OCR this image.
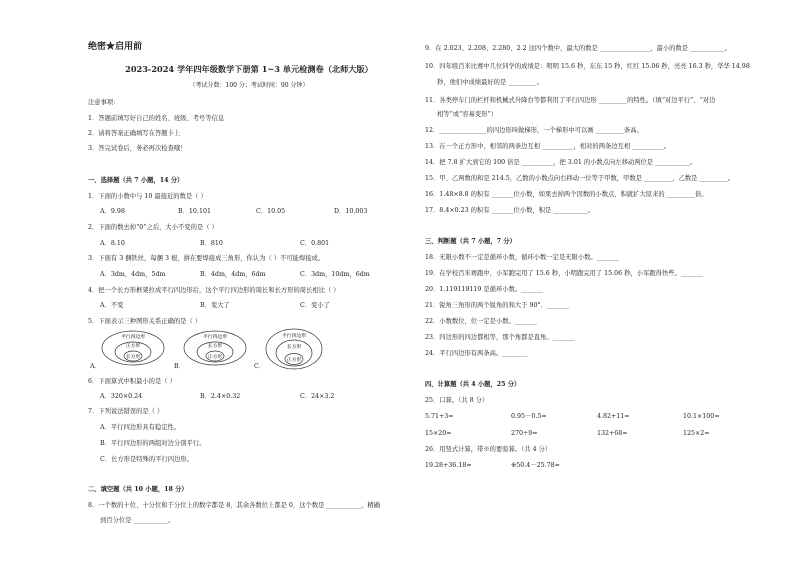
绝密★启用前
2023-2024 学年四年级数学下册第 1~3 单元检测卷（北师大版）
（考试分数：100 分；考试时间：90 分钟）
注意事项：
1．答题前填写好自己的姓名、班级、考号等信息
2．请将答案正确填写在答题卡上
3．答完试卷后，务必再次检查哦！
一、选择题（共 7 小题，14 分）
1．下面的小数中与 10 最接近的数是（ ）
A．9.98	B．10.101	C．10.05	D．10.003
2．下面的数去掉“0”之后，大小不变的是（ ）
A．8.10	B．810	C．0.801
3．下面有 3 捆铁丝，每捆 3 根，拼在要焊接成三角形，你认为（ ）不可能焊接成。
A．3dm，4dm，5dm	B．4dm，4dm，6dm	C．3dm，10dm，6dm
4．把一个长方形框架拉成平行四边形后，这个平行四边形的周长和长方形的周长相比（ ）
A．不变	B．变大了	C．变小了
5．下面表示三种图形关系正确的是（ ）
平行四边形
正方形
长方形
平行四边形
长方形
正方形
平行四边形
长方形
正方形
A．	B．	C．
6．下面算式中积最小的是（ ）
A．320×0.24	B．2.4×0.32	C．24×3.2
7．下列说法错误的是（ ）
A．平行四边形具有稳定性。
B．平行四边形的两组对边分别平行。
C．长方形是特殊的平行四边形。
二、填空题（共 10 小题，18 分）
8．一个数的十位、十分位和千分位上的数字都是 8，其余各数位上都是 0，这个数是 ___________，精确
到百分位是 ___________。
9．在 2.023、2.208、2.280、2.2 这四个数中，最大的数是 ________________，最小的数是 ___________。
10．四年级百米比赛中几位同学的成绩是：明明 15.6 秒，东东 15 秒，红红 15.06 秒，亮亮 16.3 秒，华华 14.98
秒，他们中成绩最好的是 _________。
11．各类停车门的栏杆和机械式升降台等都利用了平行四边形 _________的特性。（填“对边平行”、“对边
相等”或“容易变形”）
12．_______________的四边形叫做梯形，一个梯形中可以画 _________条高。
13．在一个正方形中，相邻的两条边互相 __________，相对的两条边互相 __________。
14．把 7.8 扩大到它的 100 倍是 __________，把 3.01 的小数点向左移动两位是 ___________。
15．甲、乙两数的和是 214.5，乙数的小数点向右移动一位等于甲数，甲数是 _________，乙数是 _________。
16．1.48×8.8 的积有 _______位小数，如果去掉两个因数的小数点，积就扩大原来的 _________倍。
17．8.4×0.23 的积有 _______位小数，积是 ___________。
三、判断题（共 7 小题，7 分）
18．无限小数不一定是循环小数，循环小数一定是无限小数。_______
19．在学校百米赛跑中，小军跑完用了 15.6 秒，小明跑完用了 15.06 秒，小军跑得快些。_______
20．1.119119119 是循环小数。_______
21．锐角三角形的两个锐角的和大于 90°．_______
22．小数数位，位一定是小数。_______
23．四边形的四边都相等，那个角都是直角。_______
24．平行四边形有两条高。________
四、计算题（共 4 小题，25 分）
25．口算。（共 8 分）
5.71+3=	0.95－0.5=	4.82+11=	10.1×100=
15×20=	270÷9=	132+68=	125×2=
26．用竖式计算，带※的要验算。（共 4 分）
19.28+36.18=	※50.4－25.78=
